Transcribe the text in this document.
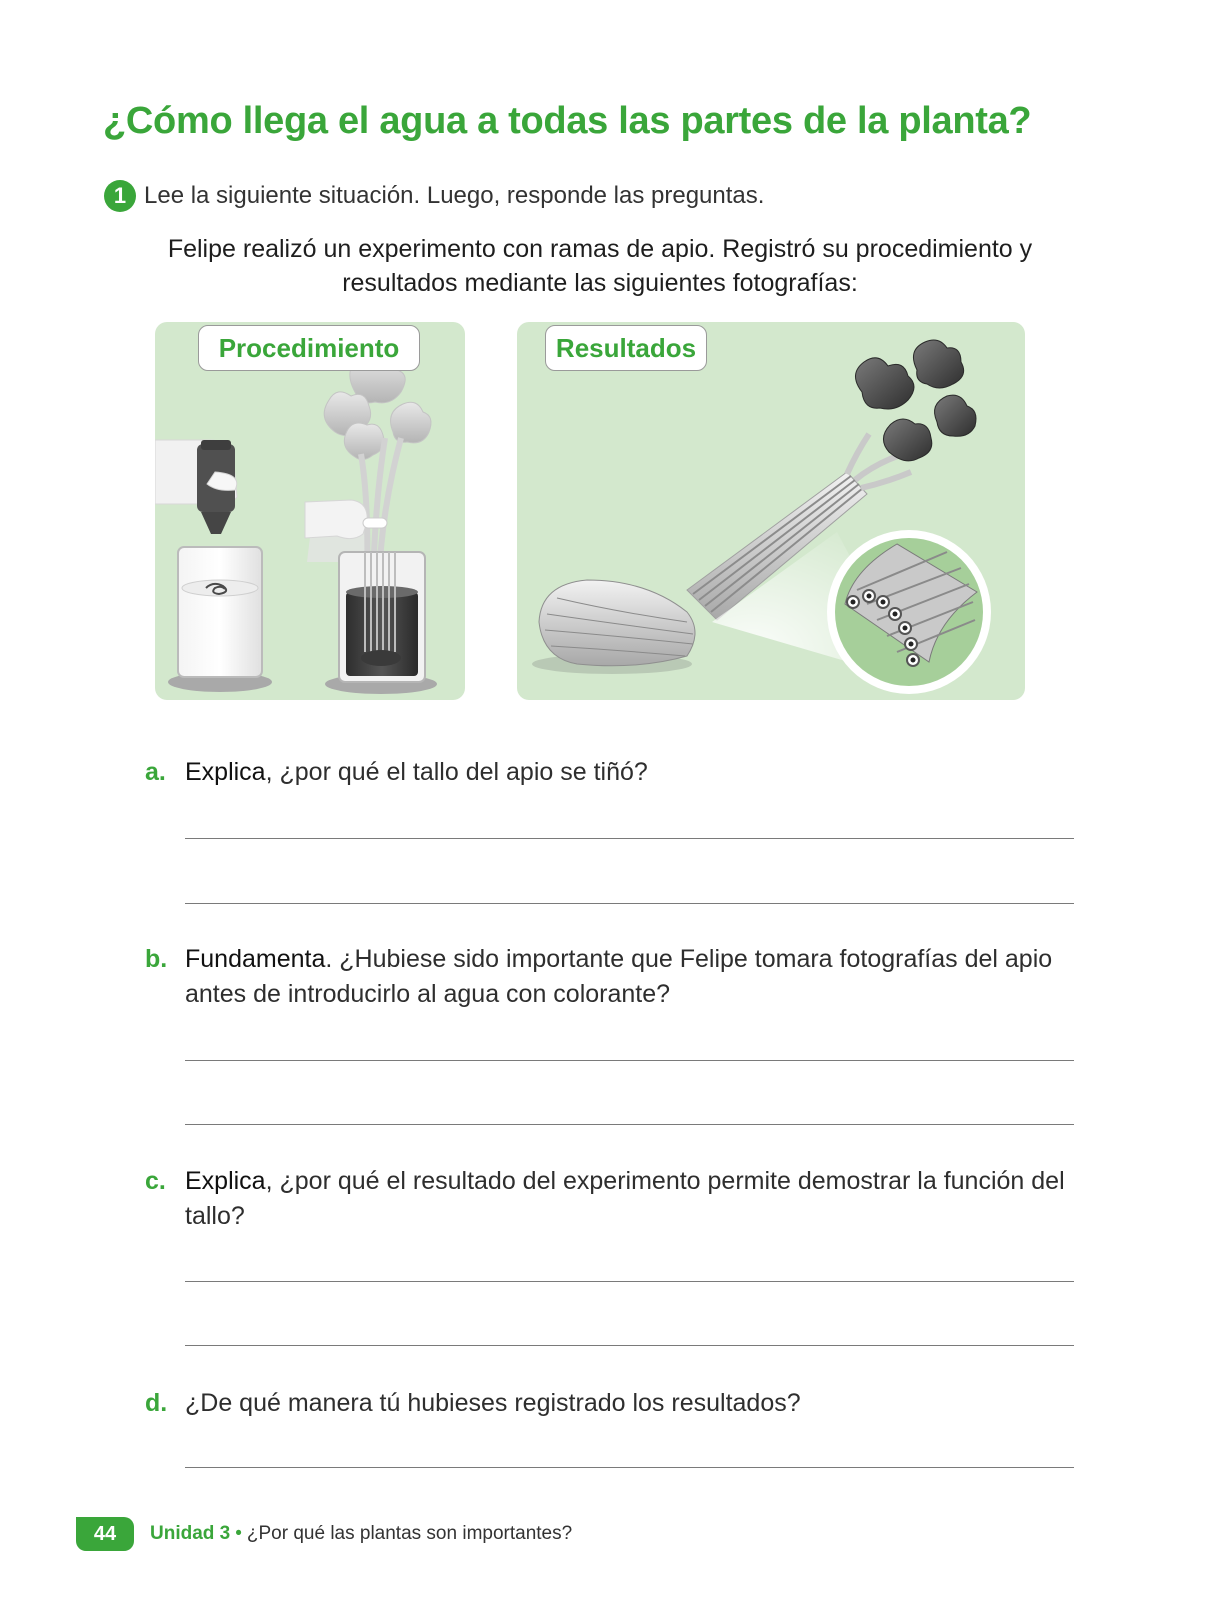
¿Cómo llega el agua a todas las partes de la planta?
1 Lee la siguiente situación. Luego, responde las preguntas.

Felipe realizó un experimento con ramas de apio. Registró su procedimiento y resultados mediante las siguientes fotografías:

Procedimiento	Resultados
a. Explica, ¿por qué el tallo del apio se tiñó?
b. Fundamenta. ¿Hubiese sido importante que Felipe tomara fotografías del apio antes de introducirlo al agua con colorante?
c. Explica, ¿por qué el resultado del experimento permite demostrar la función del tallo?
d. ¿De qué manera tú hubieses registrado los resultados?
44	Unidad 3 • ¿Por qué las plantas son importantes?
